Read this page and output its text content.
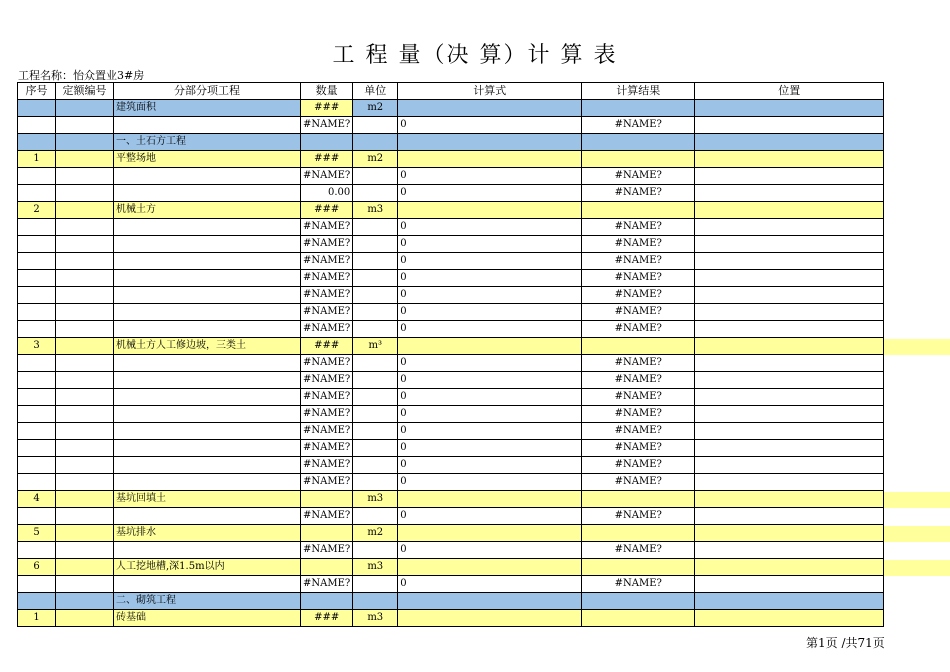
工 程 量（决 算）计 算 表
工程名称：怡众置业3#房
序号	定额编号	分部分项工程	数量	单位	计算式	计算结果	位置
		建筑面积	###	m2			
			#NAME?		0	#NAME?	
		一、土石方工程					
1		平整场地	###	m2			
			#NAME?		0	#NAME?	
			0.00		0	#NAME?	
2		机械土方	###	m3			
			#NAME?		0	#NAME?	
			#NAME?		0	#NAME?	
			#NAME?		0	#NAME?	
			#NAME?		0	#NAME?	
			#NAME?		0	#NAME?	
			#NAME?		0	#NAME?	
			#NAME?		0	#NAME?	
3		机械土方人工修边坡，三类土	###	m³			
			#NAME?		0	#NAME?	
			#NAME?		0	#NAME?	
			#NAME?		0	#NAME?	
			#NAME?		0	#NAME?	
			#NAME?		0	#NAME?	
			#NAME?		0	#NAME?	
			#NAME?		0	#NAME?	
			#NAME?		0	#NAME?	
4		基坑回填土		m3			
			#NAME?		0	#NAME?	
5		基坑排水		m2			
			#NAME?		0	#NAME?	
6		人工挖地槽,深1.5m以内		m3			
			#NAME?		0	#NAME?	
		二、砌筑工程					
1		砖基础	###	m3			
第1页 /共71页
